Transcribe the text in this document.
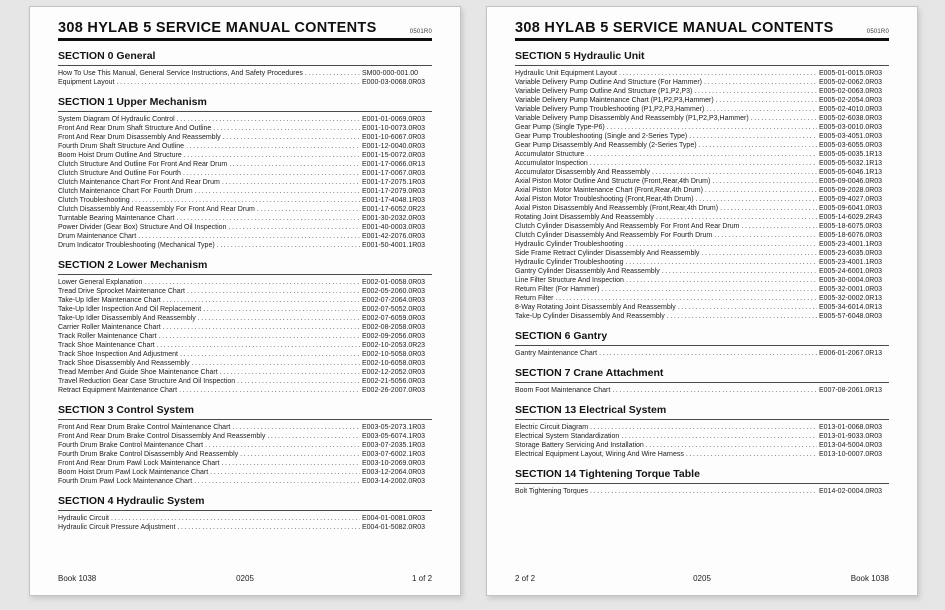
308 HYLAB 5 SERVICE MANUAL CONTENTS	0501R0
SECTION 0 General
How To Use This Manual, General Service Instructions, And Safety Procedures .....	SM00-000-001.00
Equipment Layout .....	E000-03-0068.0R03
SECTION 1 Upper Mechanism
System Diagram Of Hydraulic Control .....	E001-01-0069.0R03
Front And Rear Drum Shaft Structure And Outline .....	E001-10-0073.0R03
Front And Rear Drum Disassembly And Reassembly .....	E001-10-6067.0R03
Fourth Drum Shaft Structure And Outline .....	E001-12-0040.0R03
Boom Hoist Drum Outline And Structure .....	E001-15-0072.0R03
Clutch Structure And Outline For Front And Rear Drum .....	E001-17-0066.0R13
Clutch Structure And Outline For Fourth .....	E001-17-0067.0R03
Clutch Maintenance Chart For Front And Rear Drum .....	E001-17-2075.1R03
Clutch Maintenance Chart For Fourth Drum .....	E001-17-2079.0R03
Clutch Troubleshooting .....	E001-17-4048.1R03
Clutch Disassembly And Reassembly For Front And Rear Drum .....	E001-17-6052.0R23
Turntable Bearing Maintenance Chart .....	E001-30-2032.0R03
Power Divider (Gear Box) Structure And Oil Inspection .....	E001-40-0003.0R03
Drum Maintenance Chart .....	E001-42-2076.0R03
Drum Indicator Troubleshooting (Mechanical Type) .....	E001-50-4001.1R03
SECTION 2 Lower Mechanism
Lower General Explanation .....	E002-01-0058.0R03
Tread Drive Sprocket Maintenance Chart .....	E002-05-2060.0R03
Take-Up Idler Maintenance Chart .....	E002-07-2064.0R03
Take-Up Idler Inspection And Oil Replacement .....	E002-07-5052.0R03
Take-Up Idler Disassembly And Reassembly .....	E002-07-6059.0R03
Carrier Roller Maintenance Chart .....	E002-08-2058.0R03
Track Roller Maintenance Chart .....	E002-09-2056.0R03
Track Shoe Maintenance Chart .....	E002-10-2053.0R23
Track Shoe Inspection And Adjustment .....	E002-10-5058.0R03
Track Shoe Disassembly And Reassembly .....	E002-10-6058.0R03
Tread Member And Guide Shoe Maintenance Chart .....	E002-12-2052.0R03
Travel Reduction Gear Case Structure And Oil Inspection .....	E002-21-5056.0R03
Retract Equipment Maintenance Chart .....	E002-26-2007.0R03
SECTION 3 Control System
Front And Rear Drum Brake Control Maintenance Chart .....	E003-05-2073.1R03
Front And Rear Drum Brake Control Disassembly And Reassembly .....	E003-05-6074.1R03
Fourth Drum Brake Control Maintenance Chart .....	E003-07-2035.1R03
Fourth Drum Brake Control Disassembly And Reassembly .....	E003-07-6002.1R03
Front And Rear Drum Pawl Lock Maintenance Chart .....	E003-10-2069.0R03
Boom Hoist Drum Pawl Lock Maintenance Chart .....	E003-12-2064.0R03
Fourth Drum Pawl Lock Maintenance Chart .....	E003-14-2002.0R03
SECTION 4 Hydraulic System
Hydraulic Circuit .....	E004-01-0081.0R03
Hydraulic Circuit Pressure Adjustment .....	E004-01-5082.0R03
Book 1038	0205	1 of 2
308 HYLAB 5 SERVICE MANUAL CONTENTS	0501R0
SECTION 5 Hydraulic Unit
Hydraulic Unit Equipment Layout .....	E005-01-0015.0R03
Variable Delivery Pump Outline And Structure (For Hammer) .....	E005-02-0062.0R03
Variable Delivery Pump Outline And Structure (P1,P2,P3) .....	E005-02-0063.0R03
Variable Delivery Pump Maintenance Chart (P1,P2,P3,Hammer) .....	E005-02-2054.0R03
Variable Delivery Pump Troubleshooting (P1,P2,P3,Hammer) .....	E005-02-4010.0R03
Variable Delivery Pump Disassembly And Reassembly (P1,P2,P3,Hammer) .....	E005-02-6038.0R03
Gear Pump (Single Type-P6) .....	E005-03-0010.0R03
Gear Pump Troubleshooting (Single and 2-Series Type) .....	E005-03-4051.0R03
Gear Pump Disassembly And Reassembly (2-Series Type) .....	E005-03-6055.0R03
Accumulator Structure .....	E005-05-0035.1R13
Accumulator Inspection .....	E005-05-5032.1R13
Accumulator Disassembly And Reassembly .....	E005-05-6046.1R13
Axial Piston Motor Outline And Structure (Front,Rear,4th Drum) .....	E005-09-0046.0R03
Axial Piston Motor Maintenance Chart (Front,Rear,4th Drum) .....	E005-09-2028.0R03
Axial Piston Motor Troubleshooting (Front,Rear,4th Drum) .....	E005-09-4027.0R03
Axial Piston Disassembly And Reassembly (Front,Rear,4th Drum) .....	E005-09-6041.0R03
Rotating Joint Disassembly And Reassembly .....	E005-14-6029.2R43
Clutch Cylinder Disassembly And Reassembly For Front And Rear Drum .....	E005-18-6075.0R03
Clutch Cylinder Disassembly And Reassembly For Fourth Drum .....	E005-18-6076.0R03
Hydraulic Cylinder Troubleshooting .....	E005-23-4001.1R03
Side Frame Retract Cylinder Disassembly And Reassembly .....	E005-23-6035.0R03
Hydraulic Cylinder Troubleshooting .....	E005-23-4001.1R03
Gantry Cylinder Disassembly And Reassembly .....	E005-24-6001.0R03
Line Filter Structure And Inspection .....	E005-30-0004.0R03
Return Filter (For Hammer) .....	E005-32-0001.0R03
Return Filter .....	E005-32-0002.0R13
8-Way Rotating Joint Disassembly And Reassembly .....	E005-34-6014.0R13
Take-Up Cylinder Disassembly And Reassembly .....	E005-57-6048.0R03
SECTION 6 Gantry
Gantry Maintenance Chart .....	E006-01-2067.0R13
SECTION 7 Crane Attachment
Boom Foot Maintenance Chart .....	E007-08-2061.0R13
SECTION 13 Electrical System
Electric Circuit Diagram .....	E013-01-0068.0R03
Electrical System Standardization .....	E013-01-9033.0R03
Storage Battery Servicing And Installation .....	E013-04-5004.0R03
Electrical Equipment Layout, Wiring And Wire Harness .....	E013-10-0007.0R03
SECTION 14 Tightening Torque Table
Bolt Tightening Torques .....	E014-02-0004.0R03
2 of 2	0205	Book 1038
